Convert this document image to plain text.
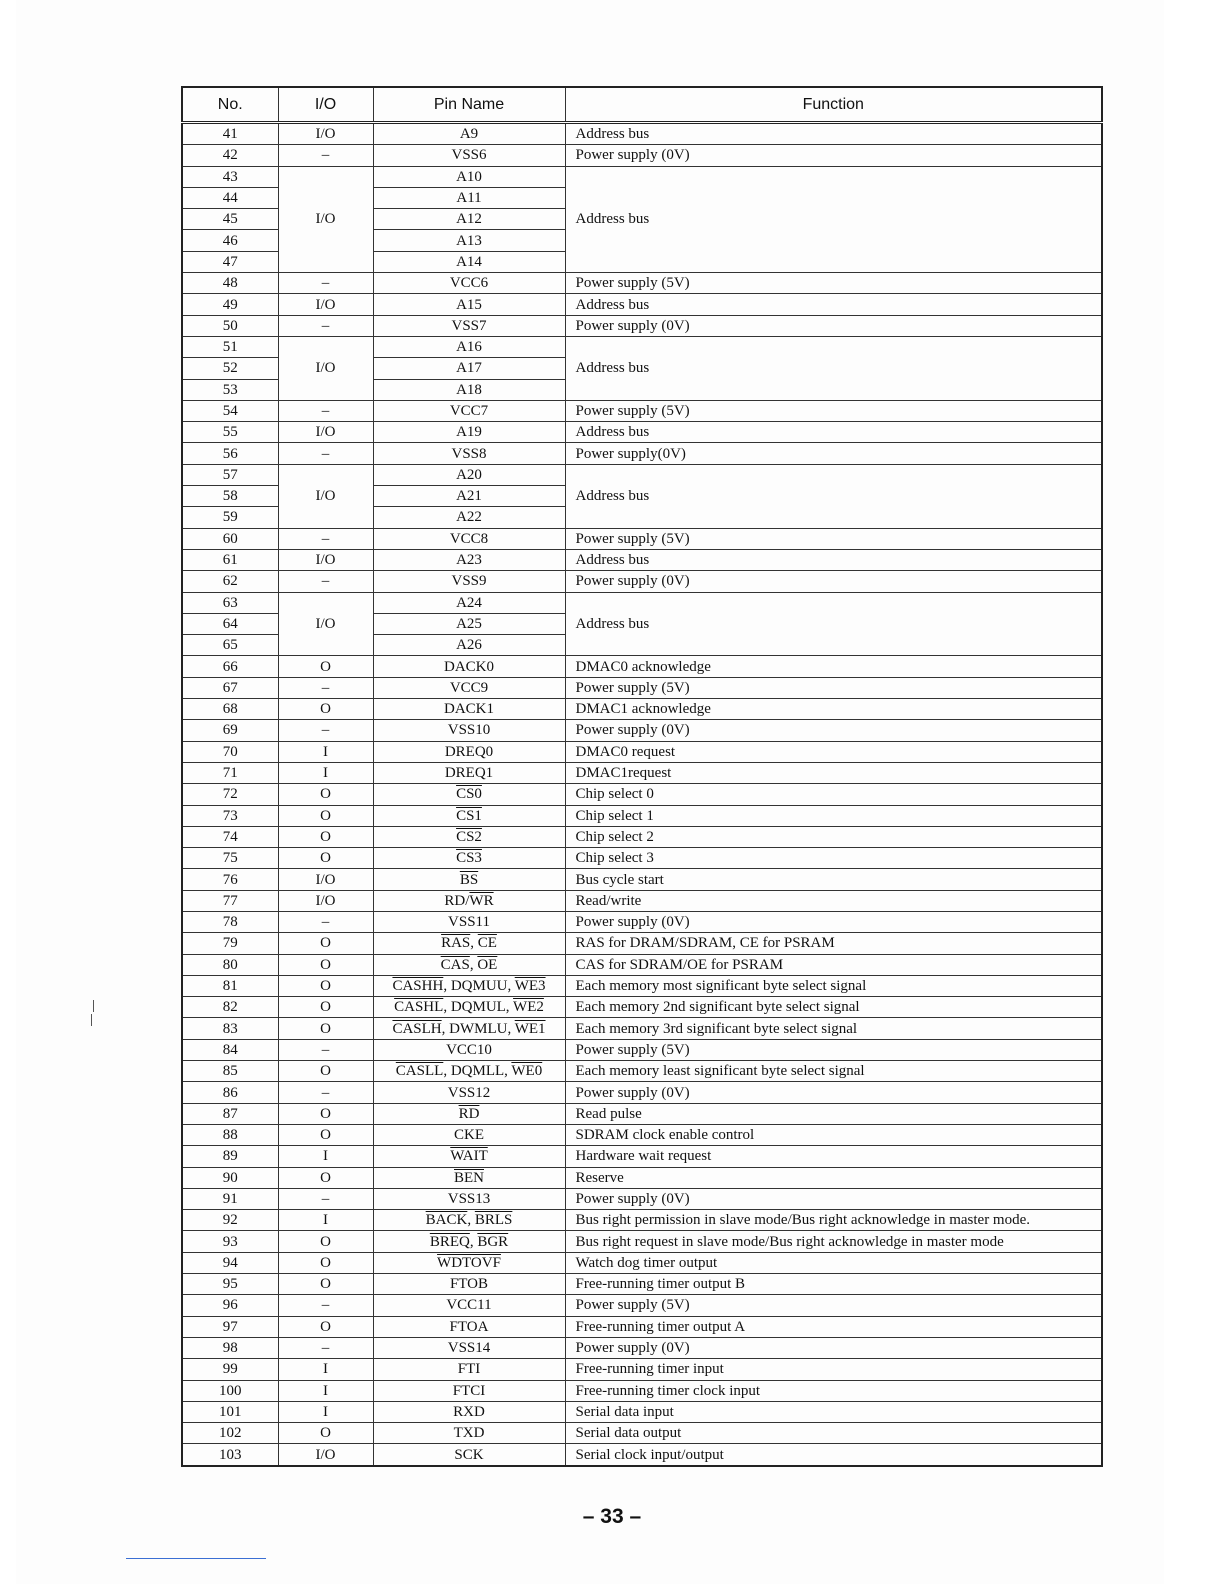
No.	I/O	Pin Name	Function
41	I/O	A9	Address bus
42	–	VSS6	Power supply (0V)
43	I/O	A10	Address bus
44		A11	
45		A12	
46		A13	
47		A14	
48	–	VCC6	Power supply (5V)
49	I/O	A15	Address bus
50	–	VSS7	Power supply (0V)
51	I/O	A16	Address bus
52		A17	
53		A18	
54	–	VCC7	Power supply (5V)
55	I/O	A19	Address bus
56	–	VSS8	Power supply(0V)
57	I/O	A20	Address bus
58		A21	
59		A22	
60	–	VCC8	Power supply (5V)
61	I/O	A23	Address bus
62	–	VSS9	Power supply (0V)
63	I/O	A24	Address bus
64		A25	
65		A26	
66	O	DACK0	DMAC0 acknowledge
67	–	VCC9	Power supply (5V)
68	O	DACK1	DMAC1 acknowledge
69	–	VSS10	Power supply (0V)
70	I	DREQ0	DMAC0 request
71	I	DREQ1	DMAC1request
72	O	CS0	Chip select 0
73	O	CS1	Chip select 1
74	O	CS2	Chip select 2
75	O	CS3	Chip select 3
76	I/O	$\overline{BS}$	Bus cycle start
77	I/O	$RD/\overline{WR}$	Read/write
78	–	VSS11	Power supply (0V)
79	O	$\overline{RAS}$, $\overline{CE}$	RAS for DRAM/SDRAM, CE for PSRAM
80	O	$\overline{CAS}$, $\overline{OE}$	CAS for SDRAM/OE for PSRAM
81	O	CASHH, DQMUU, WE3	Each memory most significant byte select signal
82	O	CASHL, DQMUL, WE2	Each memory 2nd significant byte select signal
83	O	CASLH, DWMLU, WE1	Each memory 3rd significant byte select signal
84	–	VCC10	Power supply (5V)
85	O	CASLL, DQMLL, WE0	Each memory least significant byte select signal
86	–	VSS12	Power supply (0V)
87	O	$\overline{RD}$	Read pulse
88	O	CKE	SDRAM clock enable control
89	I	WAIT	Hardware wait request
90	O	$\overline{BEN}$	Reserve
91	–	VSS13	Power supply (0V)
92	I	BACK, BRLS	Bus right permission in slave mode/Bus right acknowledge in master mode.
93	O	BREQ, $\overline{BGR}$	Bus right request in slave mode/Bus right acknowledge in master mode
94	O	WDTOVF	Watch dog timer output
95	O	FTOB	Free-running timer output B
96	–	VCC11	Power supply (5V)
97	O	FTOA	Free-running timer output A
98	–	VSS14	Power supply (0V)
99	I	FTI	Free-running timer input
100	I	FTCI	Free-running timer clock input
101	I	RXD	Serial data input
102	O	TXD	Serial data output
103	I/O	SCK	Serial clock input/output
– 33 –
